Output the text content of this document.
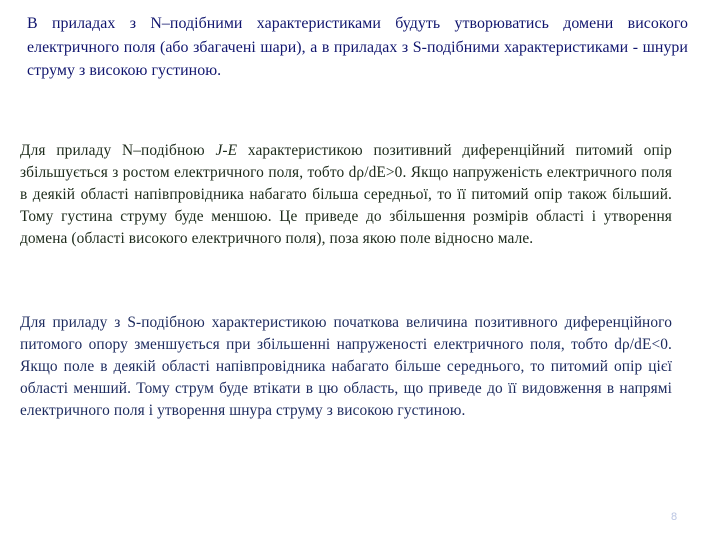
В приладах з N–подібними характеристиками будуть утворюватись домени високого електричного поля (або збагачені шари), а в приладах з S-подібними характеристиками - шнури струму з високою густиною.

Для приладу N–подібною J-E характеристикою позитивний диференційний питомий опір збільшується з ростом електричного поля, тобто dρ/dE>0. Якщо напруженість електричного поля в деякій області напівпровідника набагато більша середньої, то її питомий опір також більший. Тому густина струму буде меншою. Це приведе до збільшення розмірів області і утворення домена (області високого електричного поля), поза якою поле відносно мале.

Для приладу з S-подібною характеристикою початкова величина позитивного диференційного питомого опору зменшується при збільшенні напруженості електричного поля, тобто dρ/dE<0. Якщо поле в деякій області напівпровідника набагато більше середнього, то питомий опір цієї області менший. Тому струм буде втікати в цю область, що приведе до її видовження в напрямі електричного поля і утворення шнура струму з високою густиною.

8
